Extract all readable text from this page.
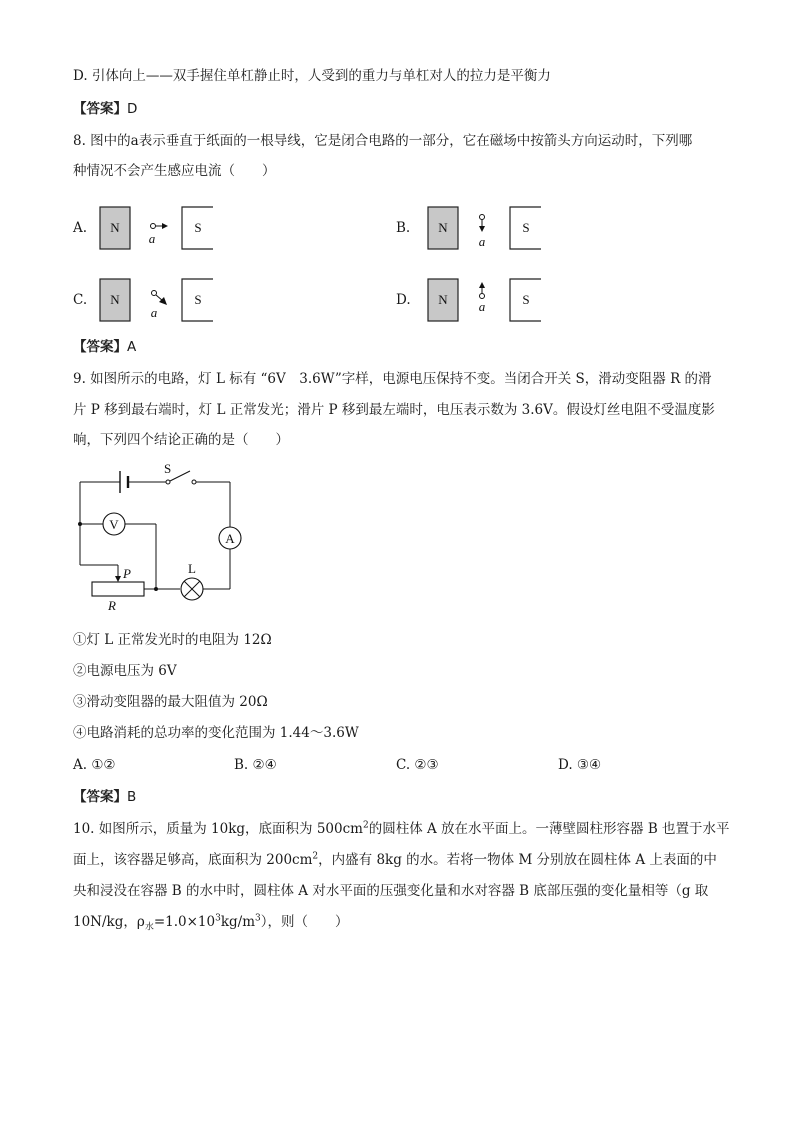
D. 引体向上——双手握住单杠静止时，人受到的重力与单杠对人的拉力是平衡力
【答案】D
8. 图中的a表示垂直于纸面的一根导线，它是闭合电路的一部分，它在磁场中按箭头方向运动时，下列哪
种情况不会产生感应电流（　　）
A. N	S
a
B. N	S
a
C. N	S
a
D. N	S
a
【答案】A
9. 如图所示的电路，灯 L 标有 “6V　3.6W”字样，电源电压保持不变。当闭合开关 S，滑动变阻器 R 的滑
片 P 移到最右端时，灯 L 正常发光；滑片 P 移到最左端时，电压表示数为 3.6V。假设灯丝电阻不受温度影
响，下列四个结论正确的是（　　）
S
V
A
P
R
L
①灯 L 正常发光时的电阻为 12Ω
②电源电压为 6V
③滑动变阻器的最大阻值为 20Ω
④电路消耗的总功率的变化范围为 1.44～3.6W
A. ①②	B. ②④	C. ②③	D. ③④
【答案】B
10. 如图所示，质量为 10kg，底面积为 $500cm^2$的圆柱体 A 放在水平面上。一薄壁圆柱形容器 B 也置于水平
面上，该容器足够高，底面积为 $200cm^2$，内盛有 8kg 的水。若将一物体 M 分别放在圆柱体 A 上表面的中
央和浸没在容器 B 的水中时，圆柱体 A 对水平面的压强变化量和水对容器 B 底部压强的变化量相等（g 取
10N/kg，$\rho_水=1.0\times 10^3kg/m^3$），则（　　）
